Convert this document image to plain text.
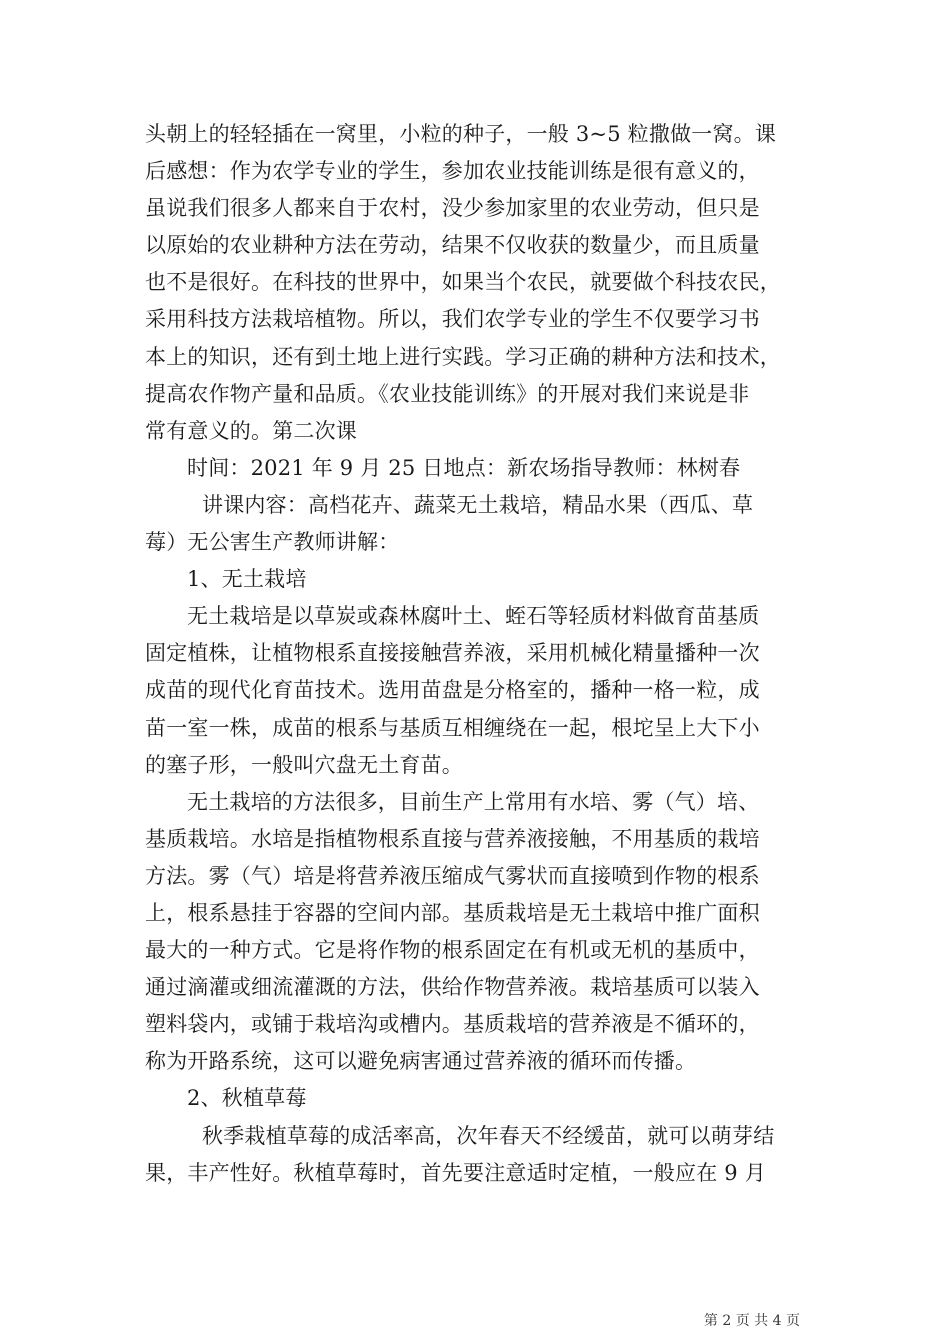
头朝上的轻轻插在一窝里，小粒的种子，一般 3~5 粒撒做一窝。课
后感想：作为农学专业的学生，参加农业技能训练是很有意义的，
虽说我们很多人都来自于农村，没少参加家里的农业劳动，但只是
以原始的农业耕种方法在劳动，结果不仅收获的数量少，而且质量
也不是很好。在科技的世界中，如果当个农民，就要做个科技农民，
采用科技方法栽培植物。所以，我们农学专业的学生不仅要学习书
本上的知识，还有到土地上进行实践。学习正确的耕种方法和技术，
提高农作物产量和品质。《农业技能训练》的开展对我们来说是非
常有意义的。第二次课
时间：2021 年 9 月 25 日地点：新农场指导教师：林树春
讲课内容：高档花卉、蔬菜无土栽培，精品水果（西瓜、草
莓）无公害生产教师讲解：
1、无土栽培
无土栽培是以草炭或森林腐叶土、蛭石等轻质材料做育苗基质
固定植株，让植物根系直接接触营养液，采用机械化精量播种一次
成苗的现代化育苗技术。选用苗盘是分格室的，播种一格一粒，成
苗一室一株，成苗的根系与基质互相缠绕在一起，根坨呈上大下小
的塞子形，一般叫穴盘无土育苗。
无土栽培的方法很多，目前生产上常用有水培、雾（气）培、
基质栽培。水培是指植物根系直接与营养液接触，不用基质的栽培
方法。雾（气）培是将营养液压缩成气雾状而直接喷到作物的根系
上，根系悬挂于容器的空间内部。基质栽培是无土栽培中推广面积
最大的一种方式。它是将作物的根系固定在有机或无机的基质中，
通过滴灌或细流灌溉的方法，供给作物营养液。栽培基质可以装入
塑料袋内，或铺于栽培沟或槽内。基质栽培的营养液是不循环的，
称为开路系统，这可以避免病害通过营养液的循环而传播。
2、秋植草莓
秋季栽植草莓的成活率高，次年春天不经缓苗，就可以萌芽结
果，丰产性好。秋植草莓时，首先要注意适时定植，一般应在 9 月
第 2 页 共 4 页
